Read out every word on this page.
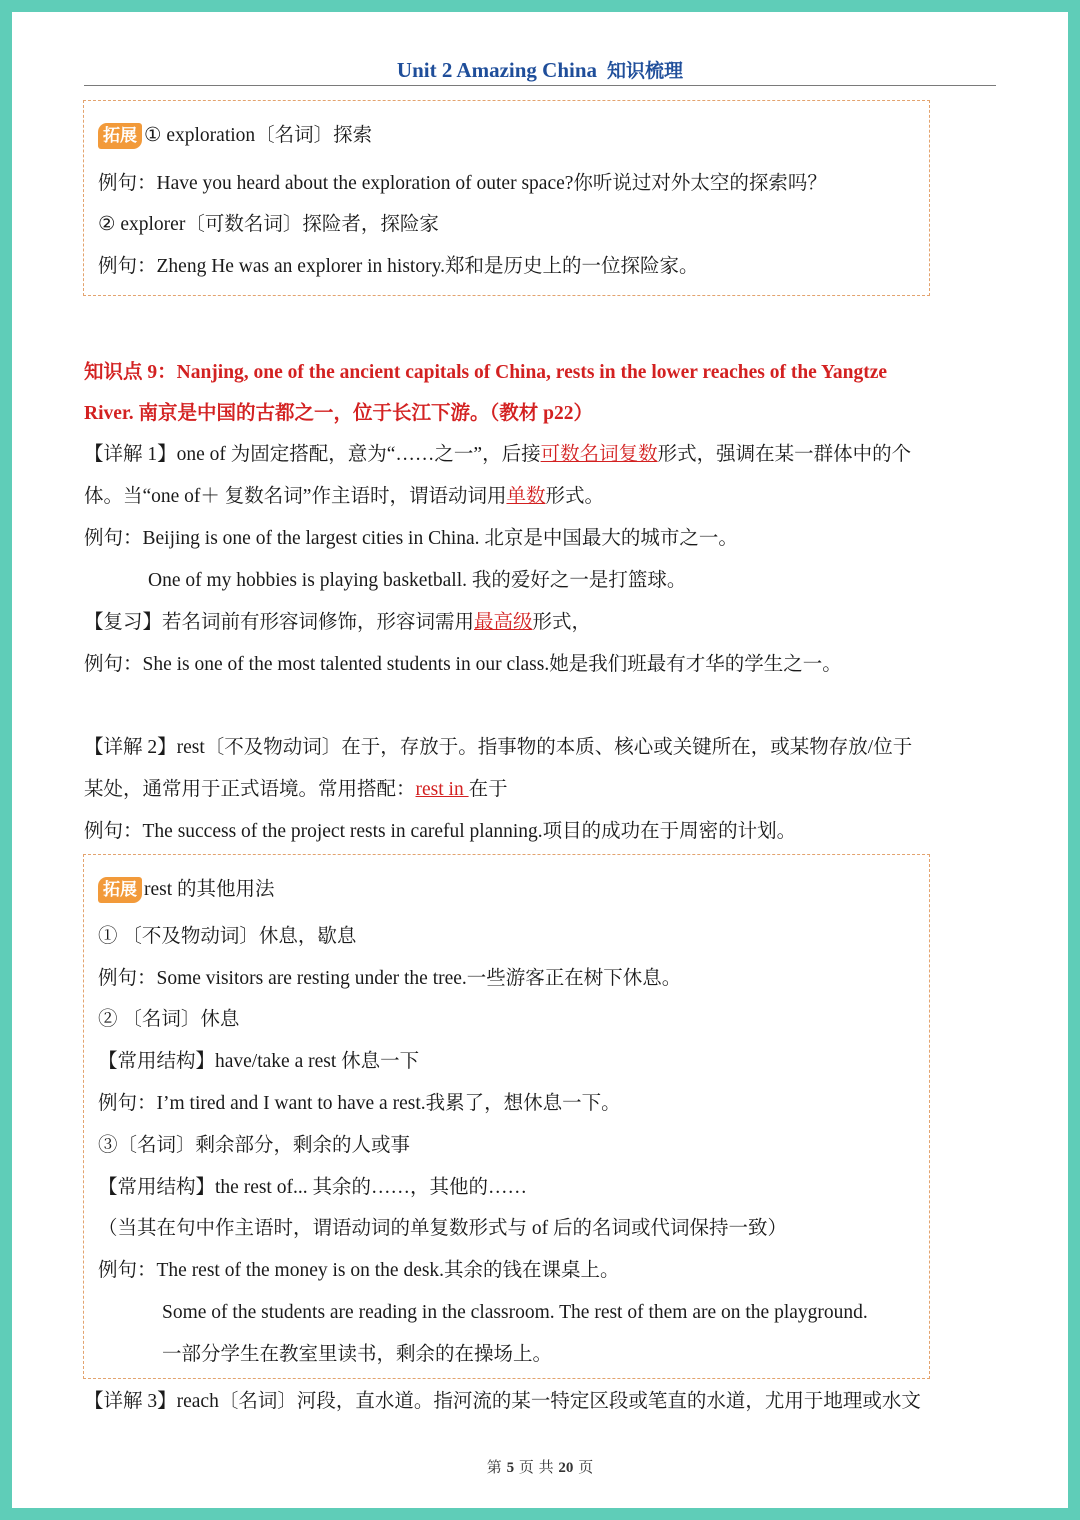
Unit 2 Amazing China 知识梳理
拓展 ① exploration〔名词〕探索
例句：Have you heard about the exploration of outer space?你听说过对外太空的探索吗？
② explorer〔可数名词〕探险者，探险家
例句：Zheng He was an explorer in history.郑和是历史上的一位探险家。
知识点 9：Nanjing, one of the ancient capitals of China, rests in the lower reaches of the Yangtze
River. 南京是中国的古都之一，位于长江下游。（教材 p22）
【详解 1】one of 为固定搭配，意为“……之一”，后接可数名词复数形式，强调在某一群体中的个
体。当“one of＋ 复数名词”作主语时，谓语动词用单数形式。
例句：Beijing is one of the largest cities in China. 北京是中国最大的城市之一。
One of my hobbies is playing basketball. 我的爱好之一是打篮球。
【复习】若名词前有形容词修饰，形容词需用最高级形式，
例句：She is one of the most talented students in our class.她是我们班最有才华的学生之一。
【详解 2】rest〔不及物动词〕在于，存放于。指事物的本质、核心或关键所在，或某物存放/位于
某处，通常用于正式语境。常用搭配：rest in 在于
例句：The success of the project rests in careful planning.项目的成功在于周密的计划。
拓展 rest 的其他用法
① 〔不及物动词〕休息，歇息
例句：Some visitors are resting under the tree.一些游客正在树下休息。
② 〔名词〕休息
【常用结构】have/take a rest 休息一下
例句：I’m tired and I want to have a rest.我累了，想休息一下。
③〔名词〕剩余部分，剩余的人或事
【常用结构】the rest of... 其余的……，其他的……
（当其在句中作主语时，谓语动词的单复数形式与 of 后的名词或代词保持一致）
例句：The rest of the money is on the desk.其余的钱在课桌上。
Some of the students are reading in the classroom. The rest of them are on the playground.
一部分学生在教室里读书，剩余的在操场上。
【详解 3】reach〔名词〕河段，直水道。指河流的某一特定区段或笔直的水道，尤用于地理或水文
第 5 页 共 20 页
